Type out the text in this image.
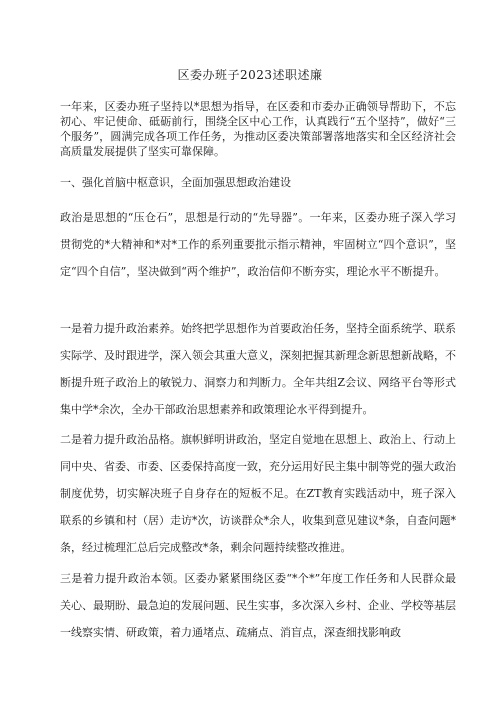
区委办班子2023述职述廉

一年来，区委办班子坚持以*思想为指导，在区委和市委办正确领导帮助下，不忘初心、牢记使命、砥砺前行，围绕全区中心工作，认真践行“五个坚持”，做好“三个服务”，圆满完成各项工作任务，为推动区委决策部署落地落实和全区经济社会高质量发展提供了坚实可靠保障。

一、强化首脑中枢意识，全面加强思想政治建设

政治是思想的“压仓石”，思想是行动的“先导器”。一年来，区委办班子深入学习贯彻党的*大精神和*对*工作的系列重要批示指示精神，牢固树立“四个意识”，坚定“四个自信”，坚决做到“两个维护”，政治信仰不断夯实，理论水平不断提升。

一是着力提升政治素养。始终把学思想作为首要政治任务，坚持全面系统学、联系实际学、及时跟进学，深入领会其重大意义，深刻把握其新理念新思想新战略，不断提升班子政治上的敏锐力、洞察力和判断力。全年共组Z会议、网络平台等形式集中学*余次，全办干部政治思想素养和政策理论水平得到提升。

二是着力提升政治品格。旗帜鲜明讲政治，坚定自觉地在思想上、政治上、行动上同中央、省委、市委、区委保持高度一致，充分运用好民主集中制等党的强大政治制度优势，切实解决班子自身存在的短板不足。在ZT教育实践活动中，班子深入联系的乡镇和村（居）走访*次，访谈群众*余人，收集到意见建议*条，自查问题*条，经过梳理汇总后完成整改*条，剩余问题持续整改推进。

三是着力提升政治本领。区委办紧紧围绕区委“*个*”年度工作任务和人民群众最关心、最期盼、最急迫的发展问题、民生实事，多次深入乡村、企业、学校等基层一线察实情、研政策，着力通堵点、疏痛点、消盲点，深查细找影响政
